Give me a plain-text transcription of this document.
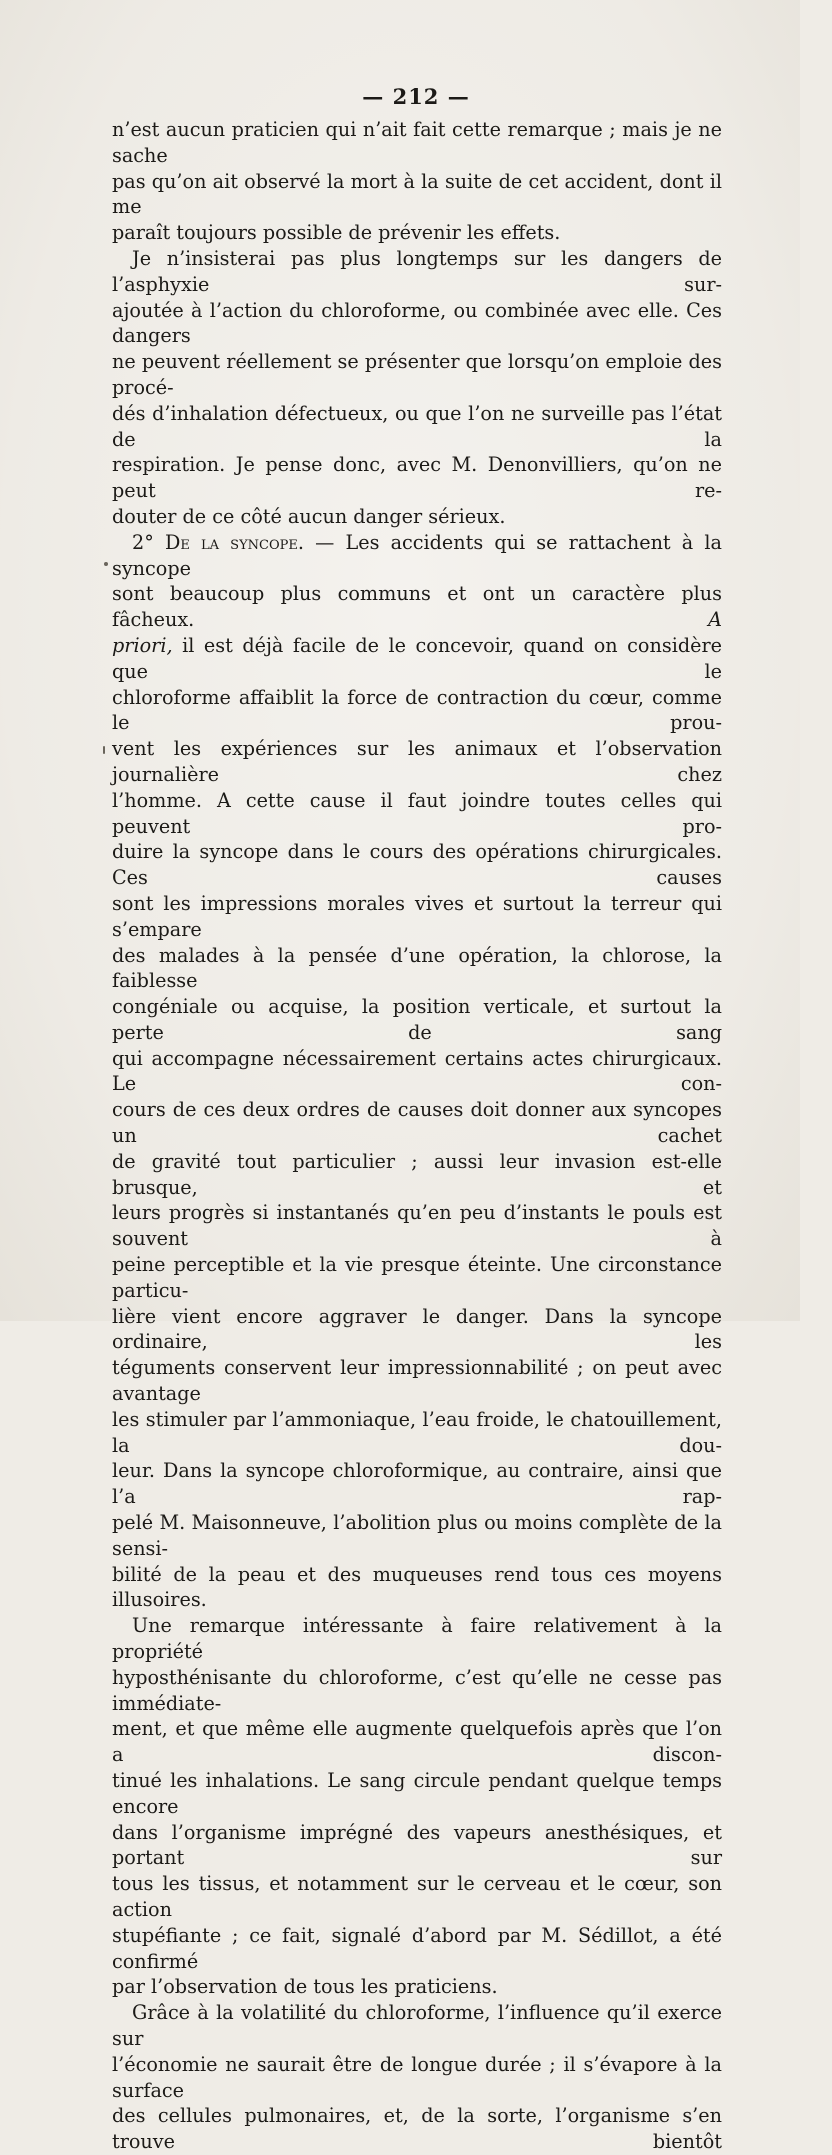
— 212 —

n’est aucun praticien qui n’ait fait cette remarque ; mais je ne sache

pas qu’on ait observé la mort à la suite de cet accident, dont il me

paraît toujours possible de prévenir les effets.

Je n’insisterai pas plus longtemps sur les dangers de l’asphyxie sur-

ajoutée à l’action du chloroforme, ou combinée avec elle. Ces dangers

ne peuvent réellement se présenter que lorsqu’on emploie des procé-

dés d’inhalation défectueux, ou que l’on ne surveille pas l’état de la

respiration. Je pense donc, avec M. Denonvilliers, qu’on ne peut re-

douter de ce côté aucun danger sérieux.

2° De la syncope. — Les accidents qui se rattachent à la syncope

sont beaucoup plus communs et ont un caractère plus fâcheux.	A

priori, il est déjà facile de le concevoir, quand on considère que le

chloroforme affaiblit la force de contraction du cœur, comme le prou-

vent les expériences sur les animaux et l’observation journalière chez

l’homme. A cette cause il faut joindre toutes celles qui peuvent pro-

duire la syncope dans le cours des opérations chirurgicales. Ces causes

sont les impressions morales vives et surtout la terreur qui s’empare

des malades à la pensée d’une opération, la chlorose, la faiblesse

congéniale ou acquise, la position verticale, et surtout la perte de sang

qui accompagne nécessairement certains actes chirurgicaux. Le con-

cours de ces deux ordres de causes doit donner aux syncopes un cachet

de gravité tout particulier ; aussi leur invasion est-elle brusque, et

leurs progrès si instantanés qu’en peu d’instants le pouls est souvent à

peine perceptible et la vie presque éteinte. Une circonstance particu-

lière vient encore aggraver le danger. Dans la syncope ordinaire, les

téguments conservent leur impressionnabilité ; on peut avec avantage

les stimuler par l’ammoniaque, l’eau froide, le chatouillement, la dou-

leur. Dans la syncope chloroformique, au contraire, ainsi que l’a rap-

pelé M. Maisonneuve, l’abolition plus ou moins complète de la sensi-

bilité de la peau et des muqueuses rend tous ces moyens illusoires.

Une remarque intéressante à faire relativement à la propriété

hyposthénisante du chloroforme, c’est qu’elle ne cesse pas immédiate-

ment, et que même elle augmente quelquefois après que l’on a discon-

tinué les inhalations. Le sang circule pendant quelque temps encore

dans l’organisme imprégné des vapeurs anesthésiques, et portant sur

tous les tissus, et notamment sur le cerveau et le cœur, son action

stupéfiante ; ce fait, signalé d’abord par M. Sédillot, a été confirmé

par l’observation de tous les praticiens.

Grâce à la volatilité du chloroforme, l’influence qu’il exerce sur

l’économie ne saurait être de longue durée ; il s’évapore à la surface

des cellules pulmonaires, et, de la sorte, l’organisme s’en trouve bientôt
